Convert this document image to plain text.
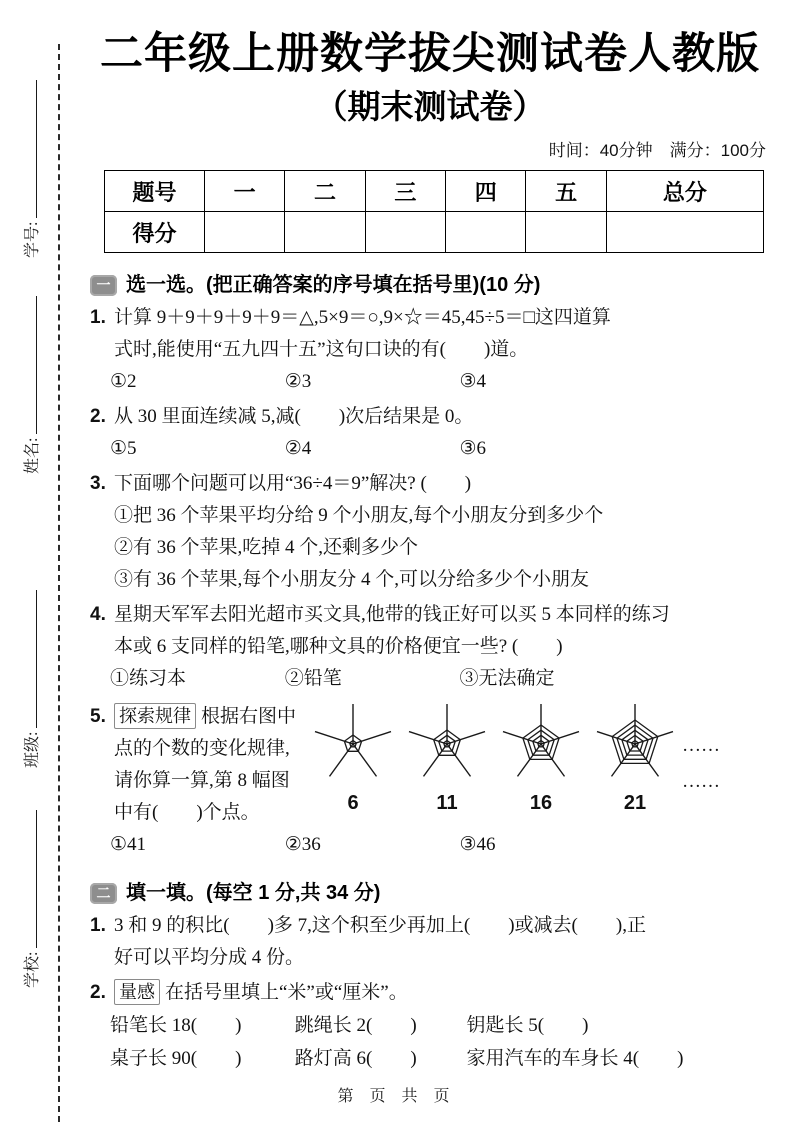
学号:
姓名:
班级:
学校:
二年级上册数学拔尖测试卷人教版
（期末测试卷）
时间：40分钟　满分：100分
题号	一	二	三	四	五	总分
得分						
一 选一选。(把正确答案的序号填在括号里)(10 分)
1. 计算 9＋9＋9＋9＋9＝△,5×9＝○,9×☆＝45,45÷5＝□这四道算
式时,能使用“五九四十五”这句口诀的有(　　)道。
①2	②3	③4
2. 从 30 里面连续减 5,减(　　)次后结果是 0。
①5	②4	③6
3. 下面哪个问题可以用“36÷4＝9”解决? (　　)
①把 36 个苹果平均分给 9 个小朋友,每个小朋友分到多少个
②有 36 个苹果,吃掉 4 个,还剩多少个
③有 36 个苹果,每个小朋友分 4 个,可以分给多少个小朋友
4. 星期天军军去阳光超市买文具,他带的钱正好可以买 5 本同样的练习
本或 6 支同样的铅笔,哪种文具的价格便宜一些? (　　)
①练习本	②铅笔	③无法确定
5. 探索规律 根据右图中
点的个数的变化规律,
请你算一算,第 8 幅图
中有(　　)个点。	6	11	16	21
……
……
①41	②36	③46
二 填一填。(每空 1 分,共 34 分)
1. 3 和 9 的积比(　　)多 7,这个积至少再加上(　　)或减去(　　),正
好可以平均分成 4 份。
2. 量感 在括号里填上“米”或“厘米”。
铅笔长 18(　　)	跳绳长 2(　　)	钥匙长 5(　　)
桌子长 90(　　)	路灯高 6(　　)	家用汽车的车身长 4(　　)
第 页 共 页
